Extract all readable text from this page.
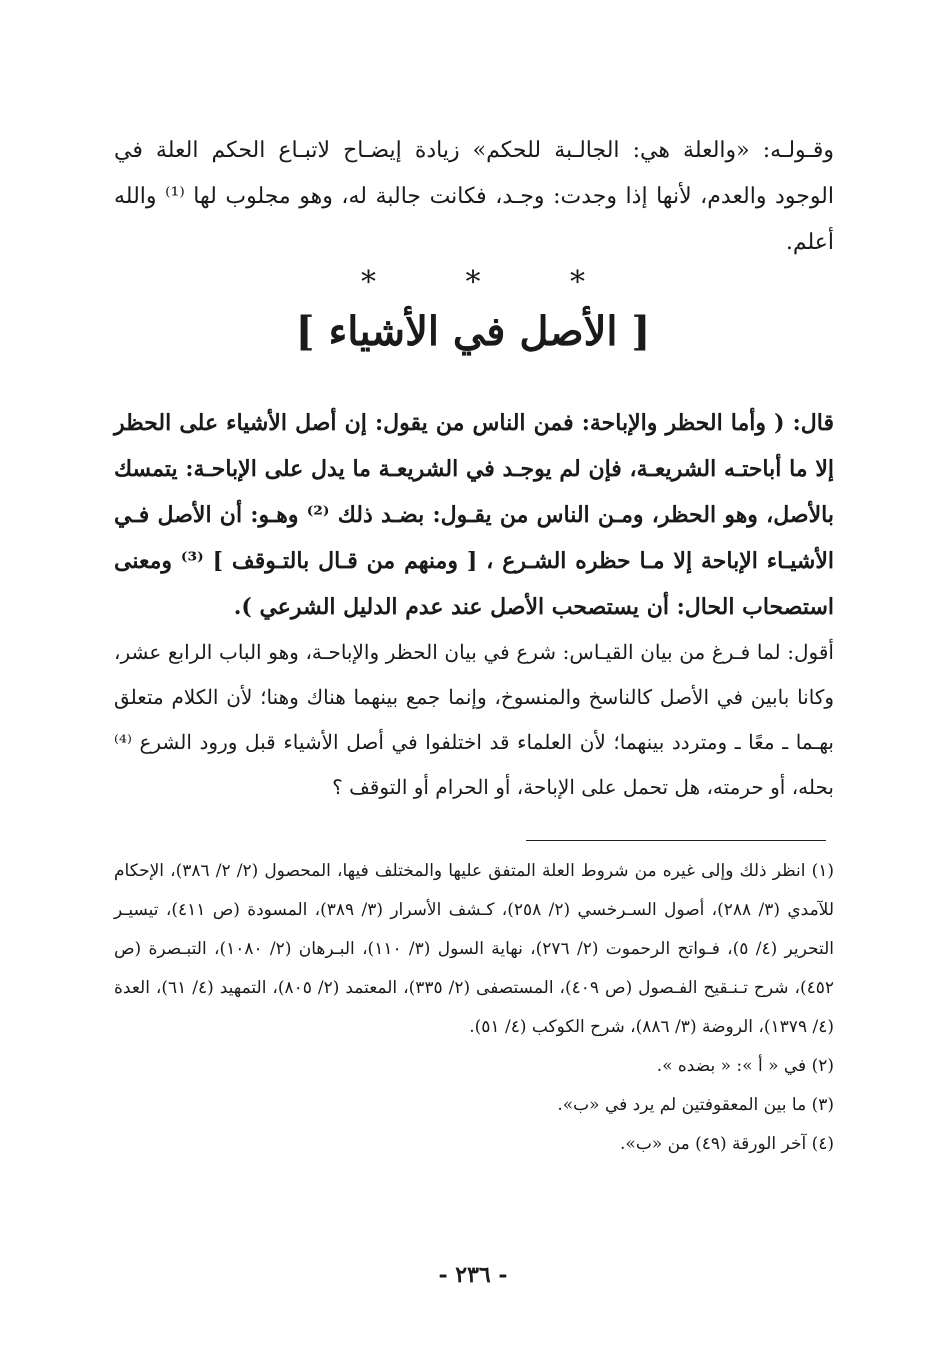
وقـولـه: «والعلة هي: الجالـبة للحكم» زيادة إيضـاح لاتبـاع الحكم العلة في الوجود والعدم، لأنها إذا وجدت: وجـد، فكانت جالبة له، وهو مجلوب لها ⁽¹⁾ والله أعلم.

* * *
[ الأصل في الأشياء ]

قال: ( وأما الحظر والإباحة: فمن الناس من يقول: إن أصل الأشياء على الحظر إلا ما أباحتـه الشريعـة، فإن لم يوجـد في الشريعـة ما يدل على الإباحـة: يتمسك بالأصل، وهو الحظر، ومـن الناس من يقـول: بضـد ذلك ⁽²⁾ وهـو: أن الأصل فـي الأشيـاء الإباحة إلا مـا حظره الشـرع ، [ ومنهم من قـال بالتـوقف ] ⁽³⁾ ومعنى استصحاب الحال: أن يستصحب الأصل عند عدم الدليل الشرعي ).

أقول: لما فـرغ من بيان القيـاس: شرع في بيان الحظر والإباحـة، وهو الباب الرابع عشر، وكانا بابين في الأصل كالناسخ والمنسوخ، وإنما جمع بينهما هناك وهنا؛ لأن الكلام متعلق بهـما ـ معًا ـ ومتردد بينهما؛ لأن العلماء قد اختلفوا في أصل الأشياء قبل ورود الشرع ⁽⁴⁾ بحله، أو حرمته، هل تحمل على الإباحة، أو الحرام أو التوقف ؟

(١) انظر ذلك وإلى غيره من شروط العلة المتفق عليها والمختلف فيها، المحصول (٢/ ٢/ ٣٨٦)، الإحكام للآمدي (٣/ ٢٨٨)، أصول السـرخسي (٢/ ٢٥٨)، كـشف الأسرار (٣/ ٣٨٩)، المسودة (ص ٤١١)، تيسيـر التحرير (٤/ ٥)، فـواتح الرحموت (٢/ ٢٧٦)، نهاية السول (٣/ ١١٠)، البـرهان (٢/ ١٠٨٠)، التبـصرة (ص ٤٥٢)، شرح تـنـقيح الفـصول (ص ٤٠٩)، المستصفى (٢/ ٣٣٥)، المعتمد (٢/ ٨٠٥)، التمهيد (٤/ ٦١)، العدة (٤/ ١٣٧٩)، الروضة (٣/ ٨٨٦)، شرح الكوكب (٤/ ٥١).
(٢) في « أ »: « بضده ».
(٣) ما بين المعقوفتين لم يرد في «ب».
(٤) آخر الورقة (٤٩) من «ب».
- ٢٣٦ -
